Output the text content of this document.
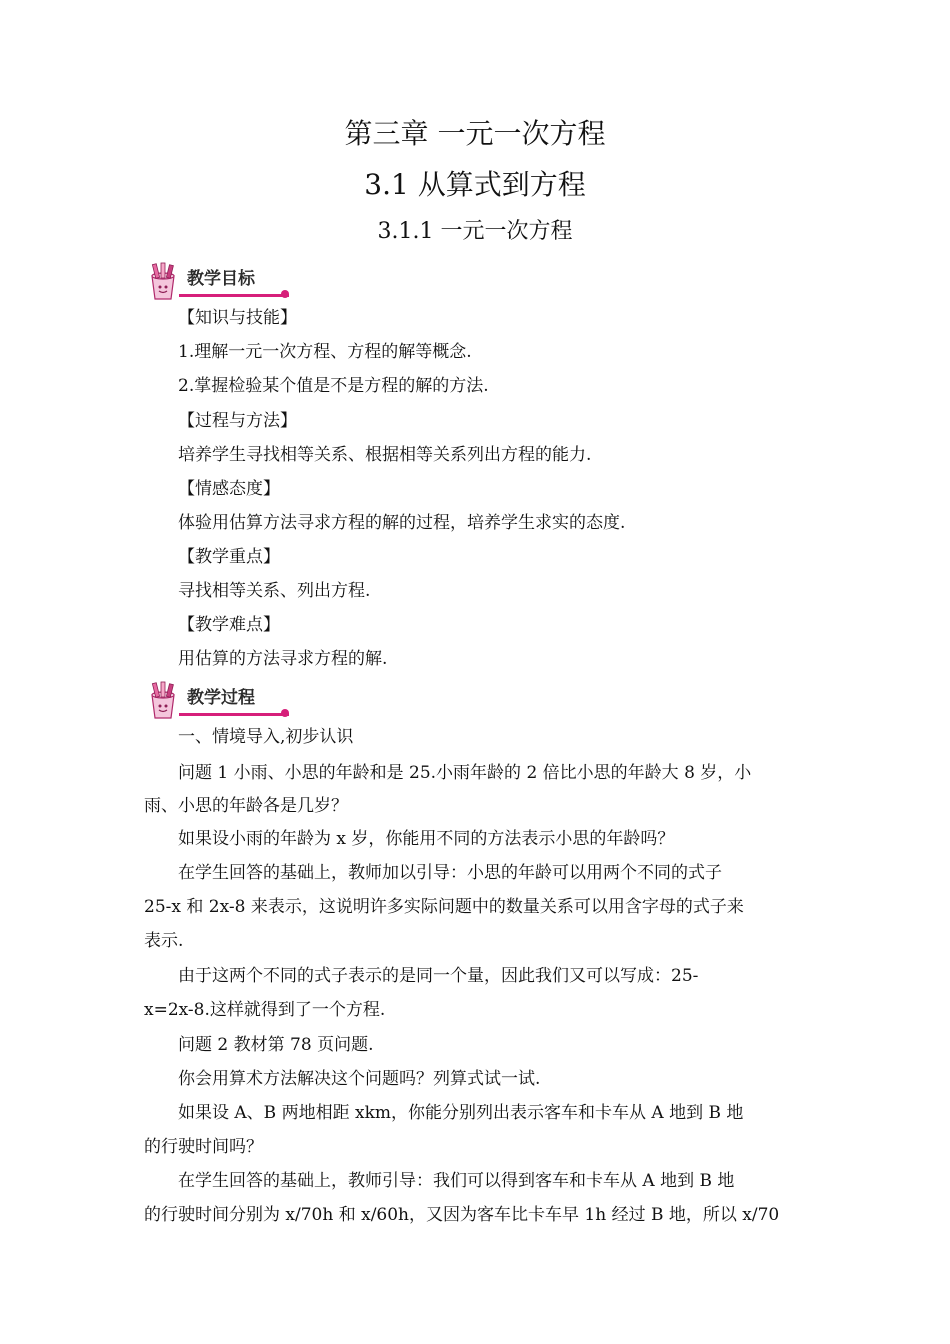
第三章 一元一次方程
3.1 从算式到方程
3.1.1 一元一次方程
教学目标
【知识与技能】
1.理解一元一次方程、方程的解等概念.
2.掌握检验某个值是不是方程的解的方法.
【过程与方法】
培养学生寻找相等关系、根据相等关系列出方程的能力.
【情感态度】
体验用估算方法寻求方程的解的过程，培养学生求实的态度.
【教学重点】
寻找相等关系、列出方程.
【教学难点】
用估算的方法寻求方程的解.
教学过程
一、情境导入,初步认识
问题 1 小雨、小思的年龄和是 25.小雨年龄的 2 倍比小思的年龄大 8 岁，小
雨、小思的年龄各是几岁？
如果设小雨的年龄为 x 岁，你能用不同的方法表示小思的年龄吗？
在学生回答的基础上，教师加以引导：小思的年龄可以用两个不同的式子
25-x 和 2x-8 来表示，这说明许多实际问题中的数量关系可以用含字母的式子来
表示.
由于这两个不同的式子表示的是同一个量，因此我们又可以写成：25-
x=2x-8.这样就得到了一个方程.
问题 2 教材第 78 页问题.
你会用算术方法解决这个问题吗？列算式试一试.
如果设 A、B 两地相距 xkm，你能分别列出表示客车和卡车从 A 地到 B 地
的行驶时间吗？
在学生回答的基础上，教师引导：我们可以得到客车和卡车从 A 地到 B 地
的行驶时间分别为 x/70h 和 x/60h，又因为客车比卡车早 1h 经过 B 地，所以 x/70
